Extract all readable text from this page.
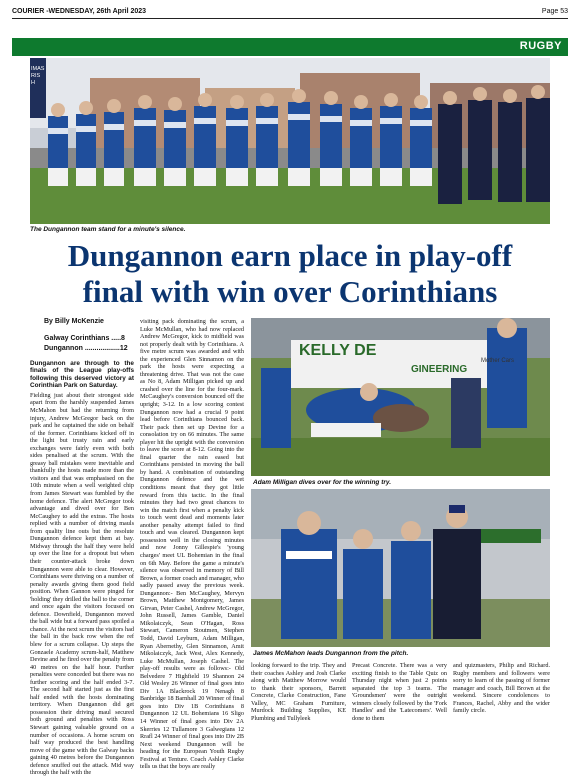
COURIER -WEDNESDAY, 26th April 2023	Page 53
RUGBY
IMAS
RIS
H
The Dungannon team stand for a minute's silence.
Dungannon earn place in play-off
final with win over Corinthians
By Billy McKenzie
Galway Corinthians .....8
Dungannon ..................12
Dungannon are through to the finals of the League play-offs following this deserved victory at Corinthian Park on Saturday.

Fielding just about their strongest side apart from the harshly suspended James McMahon but had the returning from injury, Andrew McGregor back on the park and he captained the side on behalf of the former. Corinthians kicked off in the light but trusty rain and early exchanges were fairly even with both sides penalised at the scrum. With the greasy ball mistakes were inevitable and thankfully the hosts made more than the visitors and that was emphasised on the 10th minute when a well weighted chip from James Stewart was fumbled by the home defence. The alert McGregor took advantage and dived over for Ben McCaughey to add the extras. The hosts replied with a number of driving mauls from quality line outs but the resolute Dungannon defence kept them at bay. Midway through the half they were held up over the line for a dropout but when their counter-attack broke down Dungannon were able to clear. However, Corinthians were thriving on a number of penalty awards giving them good field position. When Gannon were pinged for 'holding' they drilled the ball to the corner and once again the visitors focused on defence. Downfield, Dungannon moved the ball wide but a forward pass spoiled a chance. At the next scrum the visitors had the ball in the back row when the ref blew for a scrum collapse. Up steps the Gonzaele Academy scrum-half, Matthew Devine and he fired over the penalty from 40 metres on the half hour. Further penalties were conceded but there was no further scoring and the half ended 3-7. The second half started just as the first half ended with the hosts dominating territory. When Dungannon did get possession their driving maul secured both ground and penalties with Ross Stewart gaining valuable ground on a number of occasions. A home scrum on half way produced the best handling move of the game with the Galway backs gaining 40 metres before the Dungannon defence snuffed out the attack. Mid way through the half with the

visiting pack dominating the scrum, a Luke McMullan, who had now replaced Andrew McGregor, kick to midfield was not properly dealt with by Corinthians. A five metre scrum was awarded and with the experienced Glen Sinnamon on the park the hosts were expecting a threatening drive. That was not the case as No 8, Adam Milligan picked up and crashed over the line for the four-mark. McCaughey's conversion bounced off the upright; 3-12. In a low scoring contest Dungannon now had a crucial 9 point lead before Corinthians bounced back. Their pack then set up Devine for a consolation try on 66 minutes. The same player hit the upright with the conversion to leave the score at 8-12. Going into the final quarter the rain eased but Corinthians persisted in moving the ball by hand. A combination of outstanding Dungannon defence and the wet conditions meant that they got little reward from this tactic. In the final minutes they had two great chances to win the match first when a penalty kick to touch went dead and moments later another penalty attempt failed to find touch and was cleared. Dungannon kept possession well in the closing minutes and now Jonny Gillespie's 'young charges' meet UL Bohemian in the final on 6th May. Before the game a minute's silence was observed in memory of Bill Brown, a former coach and manager, who sadly passed away the previous week. Dungannon:- Ben McCaughey, Mervyn Brown, Matthew Montgomery, James Girvan, Peter Cashel, Andrew McGregor, John Russell, James Gamble, Daniel Mikolaiczyk, Sean O'Hagan, Ross Stewart, Cameron Stoutmen, Stephen Todd, David Leyburn, Adam Milligan, Ryan Abernethy, Glen Sinnamon, Amit Mikolaiczyk, Jack West, Alex Kennedy, Luke McMullan, Joseph Cashel. The play-off results were as follows:- Old Belvedere 7 Highfield 19 Shannon 24 Old Wesley 26 Winner of final goes into Div 1A Blackrock 19 Nenagh 8 Banbridge 18 Barnhall 20 Winner of final goes into Div 1B Corinthians 8 Dungannon 12 UL Bohemians 16 Sligo 14 Winner of final goes into Div 2A Skerries 12 Tullamore 3 Galwegians 12 Rrafl 24 Winner of final goes into Div 2B Next weekend Dungannon will be heading for the European Youth Rugby Festival at Tenture. Coach Ashley Clarke tells us that the boys are really

KELLY DE
GINEERING
Mother Cars
Adam Milligan dives over for the winning try.
James McMahon leads Dungannon from the pitch.
looking forward to the trip. They and their coaches Ashley and Josh Clarke along with Matthew Morrow would to thank their sponsors, Barrett Concrete, Clarke Construction, Fane Valley, MC Graham Furniture, Murdock Building Supplies, KE Plumbing and Tullyleek
Precast Concrete. There was a very exciting finish to the Table Quiz on Thursday night when just 2 points separated the top 3 teams. The 'Groundsmen' were the outright winners closely followed by the 'Fork Handles' and the 'Latecomers'. Well done to them
and quizmasters, Philip and Richard. Rugby members and followers were sorry to learn of the passing of former manager and coach, Bill Brown at the weekend. Sincere condolences to Frances, Rachel, Abby and the wider family circle.
